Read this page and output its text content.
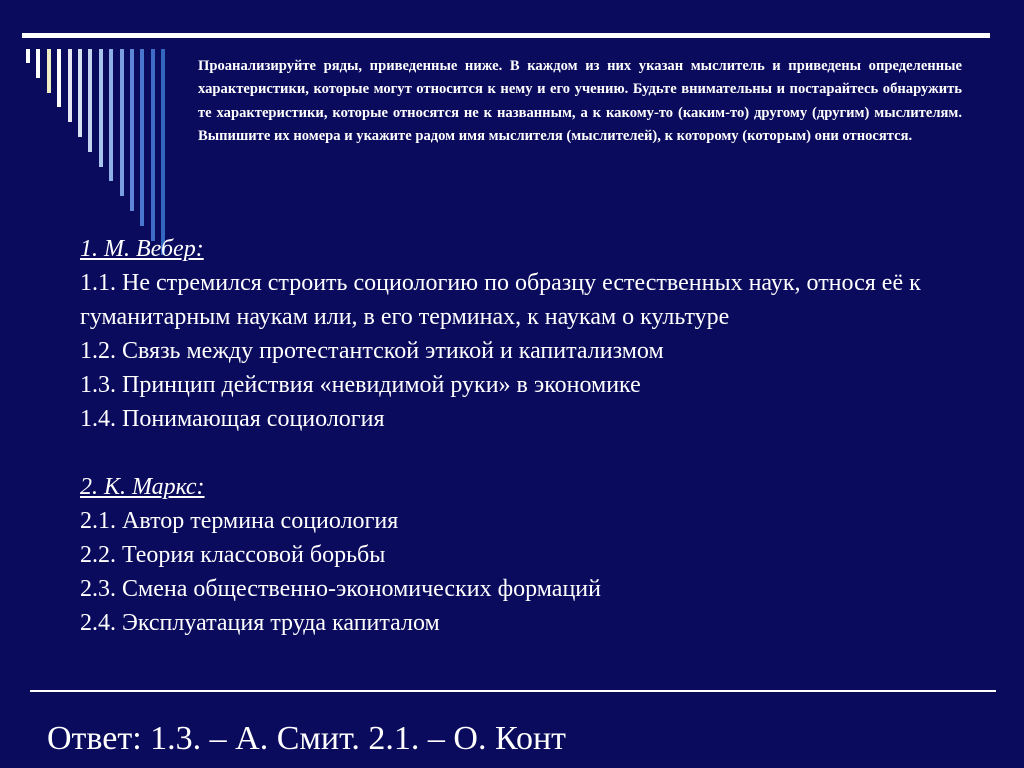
Проанализируйте ряды, приведенные ниже. В каждом из них указан мыслитель и приведены определенные характеристики, которые могут относится к нему и его учению. Будьте внимательны и постарайтесь обнаружить те характеристики, которые относятся не к названным, а к какому-то (каким-то) другому (другим) мыслителям. Выпишите их номера и укажите радом имя мыслителя (мыслителей), к которому (которым) они относятся.

1. М. Вебер:

1.1. Не стремился строить социологию по образцу естественных наук, относя её к гуманитарным наукам или, в его терминах, к наукам о культуре

1.2. Связь между протестантской этикой и капитализмом

1.3. Принцип действия «невидимой руки» в экономике

1.4. Понимающая социология

2. К. Маркс:

2.1. Автор термина социология

2.2. Теория классовой борьбы

2.3. Смена общественно-экономических формаций

2.4. Эксплуатация труда капиталом

Ответ: 1.3. – А. Смит. 2.1. – О. Конт
